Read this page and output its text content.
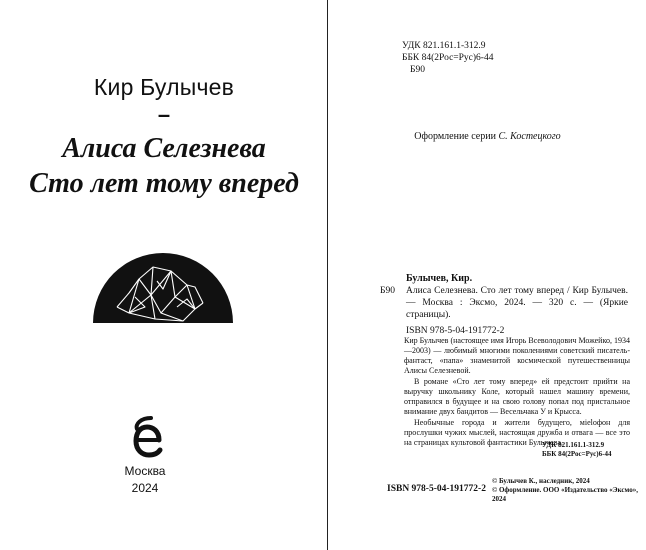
Кир Булычев
–
Алиса Селезнева
Сто лет тому вперед
Москва
2024
УДК 821.161.1-312.9
ББК 84(2Рос=Рус)6-44
Б90
Оформление серии С. Костецкого
Булычев, Кир.
Б90	Алиса Селезнева. Сто лет тому вперед / Кир Булычев. — Москва : Эксмо, 2024. — 320 с. — (Яркие страницы).
ISBN 978-5-04-191772-2

Кир Булычев (настоящее имя Игорь Всеволодович Можейко, 1934—2003) — любимый многими поколениями советский писатель-фантаст, «папа» знаменитой космической путешественницы Алисы Селезневой.

В романе «Сто лет тому вперед» ей предстоит прийти на выручку школьнику Коле, который нашел машину времени, отправился в будущее и на свою голову попал под пристальное внимание двух бандитов — Весельчака У и Крысса.

Необычные города и жители будущего, мielофон для прослушки чужих мыслей, настоящая дружба и отвага — все это на страницах культовой фантастики Булычева.

УДК 821.161.1-312.9
ББК 84(2Рос=Рус)6-44
ISBN 978-5-04-191772-2
© Булычев К., наследник, 2024
© Оформление. ООО «Издательство «Эксмо», 2024
